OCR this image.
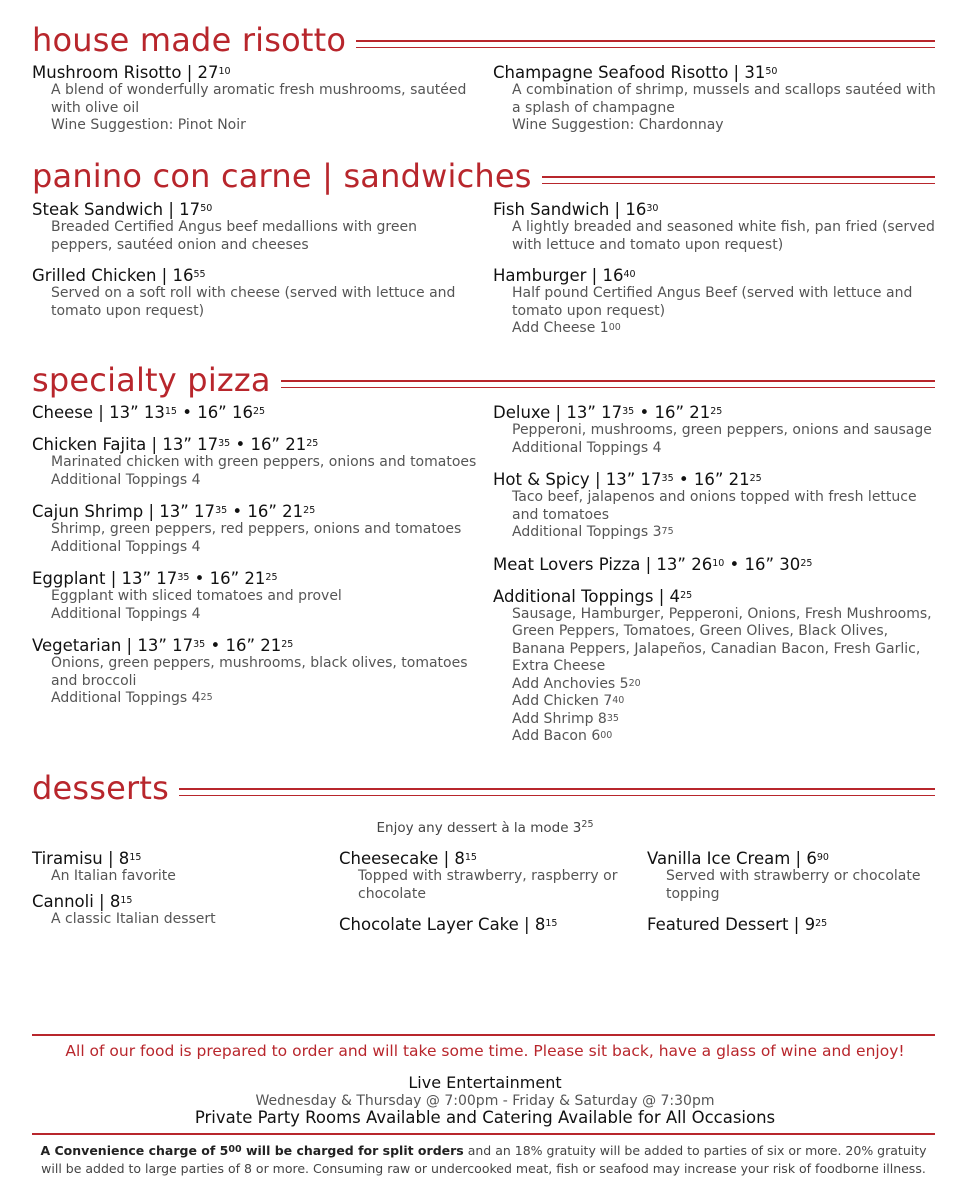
house made risotto
Mushroom Risotto | $27^{10}$
A blend of wonderfully aromatic fresh mushrooms, sautéed with olive oil
Wine Suggestion: Pinot Noir
Champagne Seafood Risotto | $31^{50}$
A combination of shrimp, mussels and scallops sautéed with a splash of champagne
Wine Suggestion: Chardonnay
panino con carne | sandwiches
Steak Sandwich | $17^{50}$
Breaded Certified Angus beef medallions with green peppers, sautéed onion and cheeses
Grilled Chicken | $16^{55}$
Served on a soft roll with cheese (served with lettuce and tomato upon request)
Fish Sandwich | $16^{30}$
A lightly breaded and seasoned white fish, pan fried (served with lettuce and tomato upon request)
Hamburger | $16^{40}$
Half pound Certified Angus Beef (served with lettuce and tomato upon request)
Add Cheese $1^{00}$
specialty pizza
Cheese | 13” $13^{15}$ • 16” $16^{25}$
Chicken Fajita | 13” $17^{35}$ • 16” $21^{25}$
Marinated chicken with green peppers, onions and tomatoes
Additional Toppings 4
Cajun Shrimp | 13” $17^{35}$ • 16” $21^{25}$
Shrimp, green peppers, red peppers, onions and tomatoes
Additional Toppings 4
Eggplant | 13” $17^{35}$ • 16” $21^{25}$
Eggplant with sliced tomatoes and provel
Additional Toppings 4
Vegetarian | 13” $17^{35}$ • 16” $21^{25}$
Onions, green peppers, mushrooms, black olives, tomatoes and broccoli
Additional Toppings $4^{25}$
Deluxe | 13” $17^{35}$ • 16” $21^{25}$
Pepperoni, mushrooms, green peppers, onions and sausage
Additional Toppings 4
Hot & Spicy | 13” $17^{35}$ • 16” $21^{25}$
Taco beef, jalapenos and onions topped with fresh lettuce and tomatoes
Additional Toppings $3^{75}$
Meat Lovers Pizza | 13” $26^{10}$ • 16” $30^{25}$
Additional Toppings | $4^{25}$
Sausage, Hamburger, Pepperoni, Onions, Fresh Mushrooms, Green Peppers, Tomatoes, Green Olives, Black Olives, Banana Peppers, Jalapeños, Canadian Bacon, Fresh Garlic, Extra Cheese
Add Anchovies $5^{20}$
Add Chicken $7^{40}$
Add Shrimp $8^{35}$
Add Bacon $6^{00}$
desserts
Enjoy any dessert à la mode $3^{25}$
Tiramisu | $8^{15}$
An Italian favorite
Cannoli | $8^{15}$
A classic Italian dessert
Cheesecake | $8^{15}$
Topped with strawberry, raspberry or chocolate
Chocolate Layer Cake | $8^{15}$
Vanilla Ice Cream | $6^{90}$
Served with strawberry or chocolate topping
Featured Dessert | $9^{25}$
All of our food is prepared to order and will take some time. Please sit back, have a glass of wine and enjoy!
Live Entertainment
Wednesday & Thursday @ 7:00pm - Friday & Saturday @ 7:30pm
Private Party Rooms Available and Catering Available for All Occasions
A Convenience charge of $5^{00}$ will be charged for split orders and an 18% gratuity will be added to parties of six or more. 20% gratuity will be added to large parties of 8 or more. Consuming raw or undercooked meat, fish or seafood may increase your risk of foodborne illness.
